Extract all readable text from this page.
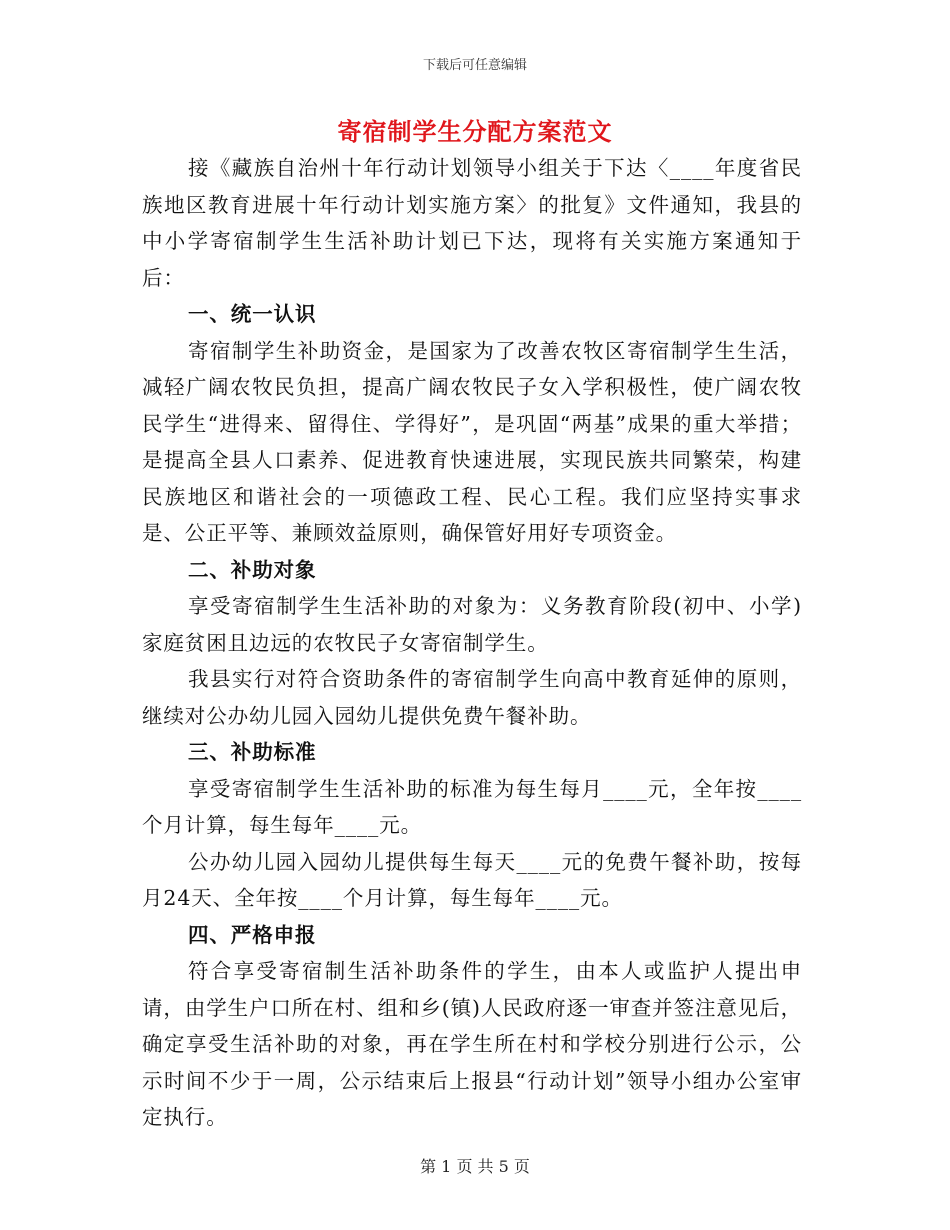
下载后可任意编辑
寄宿制学生分配方案范文

接《藏族自治州十年行动计划领导小组关于下达〈____年度省民族地区教育进展十年行动计划实施方案〉的批复》文件通知，我县的中小学寄宿制学生生活补助计划已下达，现将有关实施方案通知于后：

一、统一认识

寄宿制学生补助资金，是国家为了改善农牧区寄宿制学生生活，减轻广阔农牧民负担，提高广阔农牧民子女入学积极性，使广阔农牧民学生“进得来、留得住、学得好”，是巩固“两基”成果的重大举措；是提高全县人口素养、促进教育快速进展，实现民族共同繁荣，构建民族地区和谐社会的一项德政工程、民心工程。我们应坚持实事求是、公正平等、兼顾效益原则，确保管好用好专项资金。

二、补助对象

享受寄宿制学生生活补助的对象为：义务教育阶段(初中、小学)家庭贫困且边远的农牧民子女寄宿制学生。

我县实行对符合资助条件的寄宿制学生向高中教育延伸的原则，继续对公办幼儿园入园幼儿提供免费午餐补助。

三、补助标准

享受寄宿制学生生活补助的标准为每生每月____元，全年按____个月计算，每生每年____元。

公办幼儿园入园幼儿提供每生每天____元的免费午餐补助，按每月24天、全年按____个月计算，每生每年____元。

四、严格申报

符合享受寄宿制生活补助条件的学生，由本人或监护人提出申请，由学生户口所在村、组和乡(镇)人民政府逐一审查并签注意见后，确定享受生活补助的对象，再在学生所在村和学校分别进行公示，公示时间不少于一周，公示结束后上报县“行动计划”领导小组办公室审定执行。

第 1 页 共 5 页
